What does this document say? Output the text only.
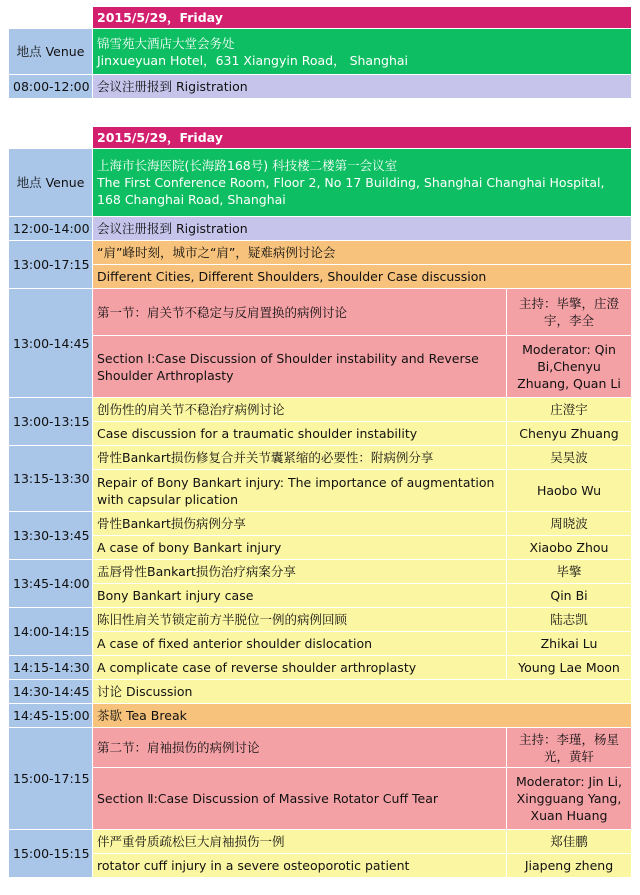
	2015/5/29，Friday
地点 Venue	锦雪苑大酒店大堂会务处
Jinxueyuan Hotel，631 Xiangyin Road， Shanghai

08:00-12:00	会议注册报到 Rigistration
	2015/5/29，Friday	
地点 Venue	上海市长海医院(长海路168号) 科技楼二楼第一会议室
The First Conference Room, Floor 2, No 17 Building, Shanghai Changhai Hospital,
168 Changhai Road, Shanghai	

12:00-14:00	会议注册报到 Rigistration	
13:00-17:15	“肩”峰时刻，城市之“肩”，疑难病例讨论会	
	Different Cities, Different Shoulders, Shoulder Case discussion	
13:00-14:45	第一节：肩关节不稳定与反肩置换的病例讨论	主持：毕擎，庄澄宇，李全
	Section Ⅰ:Case Discussion of Shoulder instability and Reverse Shoulder Arthroplasty	Moderator: Qin Bi,Chenyu Zhuang, Quan Li
13:00-13:15	创伤性的肩关节不稳治疗病例讨论	庄澄宇
	Case discussion for a traumatic shoulder instability	Chenyu Zhuang
13:15-13:30	骨性Bankart损伤修复合并关节囊紧缩的必要性：附病例分享	吴昊波
	Repair of Bony Bankart injury: The importance of augmentation with capsular plication	Haobo Wu
13:30-13:45	骨性Bankart损伤病例分享	周晓波
	A case of bony Bankart injury	Xiaobo Zhou
13:45-14:00	盂唇骨性Bankart损伤治疗病案分享	毕擎
	Bony Bankart injury case	Qin Bi
14:00-14:15	陈旧性肩关节锁定前方半脱位一例的病例回顾	陆志凯
	A case of fixed anterior shoulder dislocation	Zhikai Lu
14:15-14:30	A complicate case of reverse shoulder arthroplasty	Young Lae Moon
14:30-14:45	讨论 Discussion	
14:45-15:00	茶歇 Tea Break	
15:00-17:15	第二节：肩袖损伤的病例讨论	主持：李瑾，杨星光，黄轩
	Section Ⅱ:Case Discussion of Massive Rotator Cuff Tear	Moderator: Jin Li, Xingguang Yang, Xuan Huang
15:00-15:15	伴严重骨质疏松巨大肩袖损伤一例	郑佳鹏
	rotator cuff injury in a severe osteoporotic patient	Jiapeng zheng
